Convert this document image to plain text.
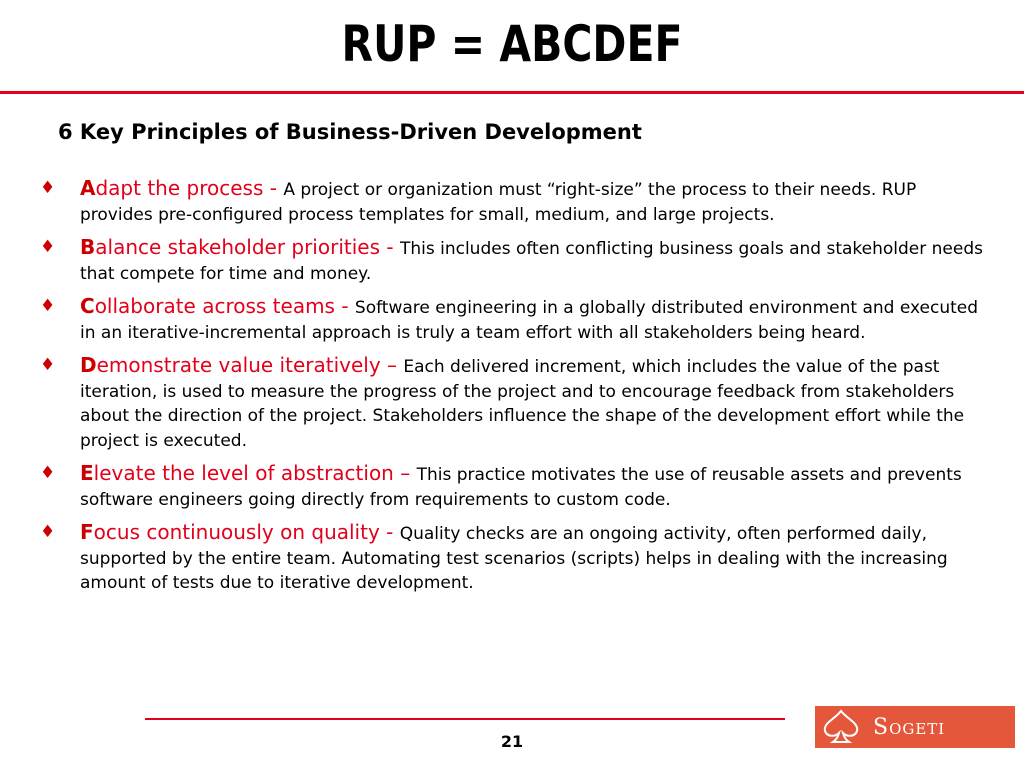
RUP = ABCDEF
6 Key Principles of Business-Driven Development
♦ Adapt the process - A project or organization must “right-size” the process to their needs. RUP provides pre-configured process templates for small, medium, and large projects.
♦ Balance stakeholder priorities - This includes often conflicting business goals and stakeholder needs that compete for time and money.
♦ Collaborate across teams - Software engineering in a globally distributed environment and executed in an iterative-incremental approach is truly a team effort with all stakeholders being heard.
♦ Demonstrate value iteratively – Each delivered increment, which includes the value of the past iteration, is used to measure the progress of the project and to encourage feedback from stakeholders about the direction of the project. Stakeholders influence the shape of the development effort while the project is executed.
♦ Elevate the level of abstraction – This practice motivates the use of reusable assets and prevents software engineers going directly from requirements to custom code.
♦ Focus continuously on quality - Quality checks are an ongoing activity, often performed daily, supported by the entire team. Automating test scenarios (scripts) helps in dealing with the increasing amount of tests due to iterative development.
21
Sogeti
